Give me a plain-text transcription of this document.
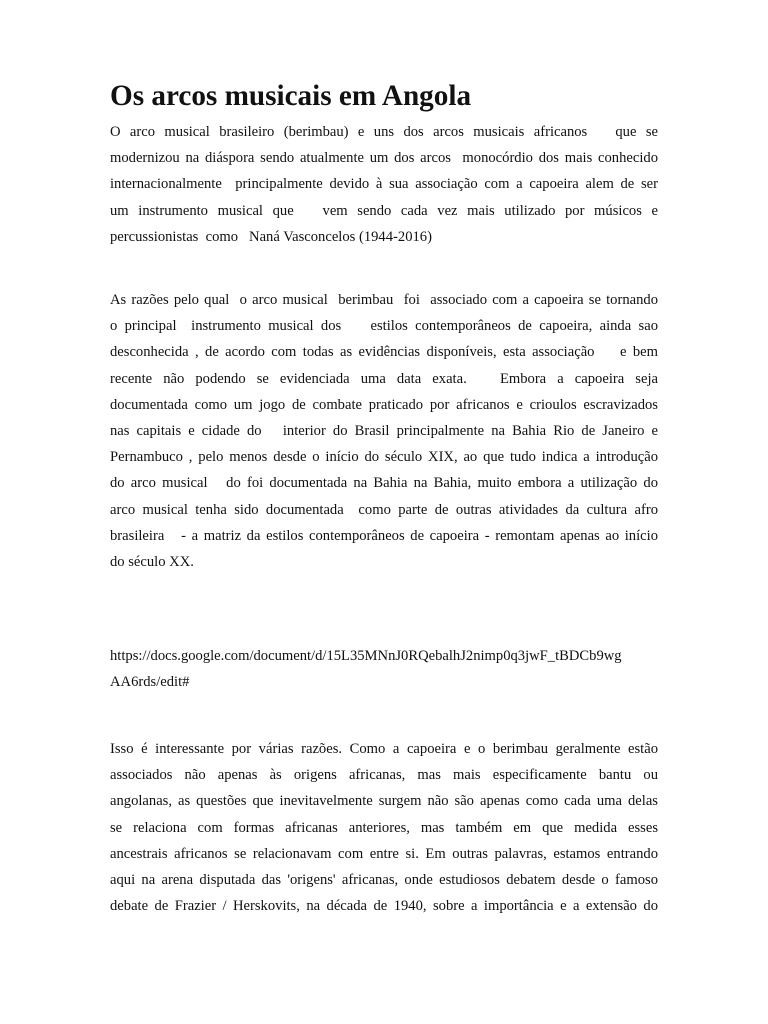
Os arcos musicais em Angola
O arco musical brasileiro (berimbau) e uns dos arcos musicais africanos   que se
modernizou na diáspora sendo atualmente um dos arcos  monocórdio dos mais conhecido
internacionalmente  principalmente devido à sua associação com a capoeira alem de ser
um instrumento musical que   vem sendo cada vez mais utilizado por músicos e
percussionistas  como   Naná Vasconcelos (1944-2016)
As razões pelo qual  o arco musical  berimbau  foi  associado com a capoeira se tornando
o principal  instrumento musical dos    estilos contemporâneos de capoeira, ainda sao
desconhecida , de acordo com todas as evidências disponíveis, esta associação    e bem
recente não podendo se evidenciada uma data exata.   Embora a capoeira seja
documentada como um jogo de combate praticado por africanos e crioulos escravizados
nas capitais e cidade do   interior do Brasil principalmente na Bahia Rio de Janeiro e
Pernambuco , pelo menos desde o início do século XIX, ao que tudo indica a introdução
do arco musical   do foi documentada na Bahia na Bahia, muito embora a utilização do
arco musical tenha sido documentada  como parte de outras atividades da cultura afro
brasileira   - a matriz da estilos contemporâneos de capoeira - remontam apenas ao início
do século XX.
https://docs.google.com/document/d/15L35MNnJ0RQebalhJ2nimp0q3jwF_tBDCb9wg
AA6rds/edit#
Isso é interessante por várias razões. Como a capoeira e o berimbau geralmente estão
associados não apenas às origens africanas, mas mais especificamente bantu ou
angolanas, as questões que inevitavelmente surgem não são apenas como cada uma delas
se relaciona com formas africanas anteriores, mas também em que medida esses
ancestrais africanos se relacionavam com entre si. Em outras palavras, estamos entrando
aqui na arena disputada das 'origens' africanas, onde estudiosos debatem desde o famoso
debate de Frazier / Herskovits, na década de 1940, sobre a importância e a extensão do
